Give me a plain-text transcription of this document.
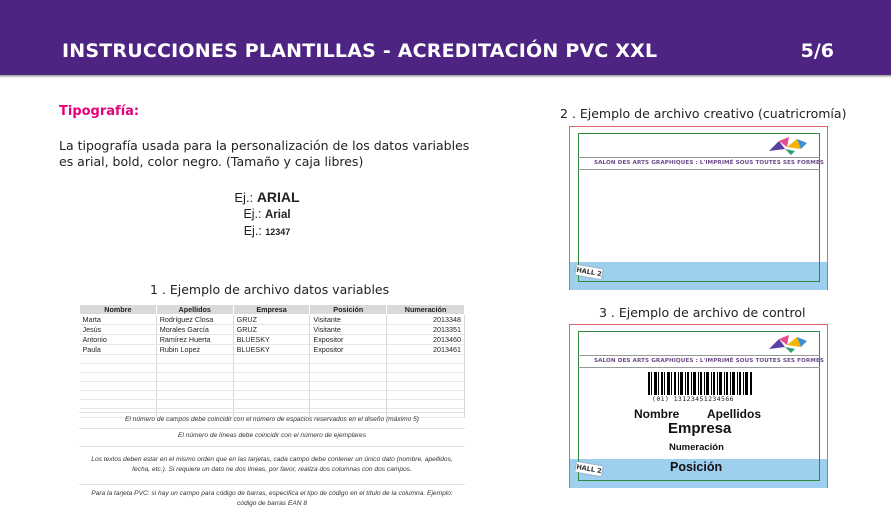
INSTRUCCIONES PLANTILLAS - ACREDITACIÓN PVC XXL	5/6
Tipografía:
La tipografía usada para la personalización de los datos variables es arial, bold, color negro. (Tamaño y caja libres)
Ej.: ARIAL
Ej.: Arial
Ej.: 12347
1 . Ejemplo de archivo datos variables
Nombre	Apellidos	Empresa	Posición	Numeración
Marta	Rodríguez Closa	GRUZ	Visitante	2013348
Jesús	Morales García	GRUZ	Visitante	2013351
Antonio	Ramírez Huerta	BLUESKY	Expositor	2013460
Paula	Rubin Lopez	BLUESKY	Expositor	2013461

El número de campos debe coincidir con el número de espacios reservados en el diseño (máximo 5)
El número de líneas debe coincidir con el número de ejemplares
Los textos deben estar en el mismo orden que en las tarjetas, cada campo debe contener un único dato (nombre, apellidos, fecha, etc.). Si requiere un dato ne dos líneas, por favor, realiza dos columnas con dos campos.
Para la tarjeta PVC: si hay un campo para código de barras, especifica el tipo de código en el título de la columna. Ejemplo: código de barras EAN 8
2 . Ejemplo de archivo creativo (cuatricromía)
SALON DES ARTS GRAPHIQUES : L'IMPRIMÉ SOUS TOUTES SES FORMES
HALL 2
3 . Ejemplo de archivo de control
SALON DES ARTS GRAPHIQUES : L'IMPRIMÉ SOUS TOUTES SES FORMES
HALL 2
(01) 13123451234566
Nombre Apellidos
Empresa
Numeración
Posición
